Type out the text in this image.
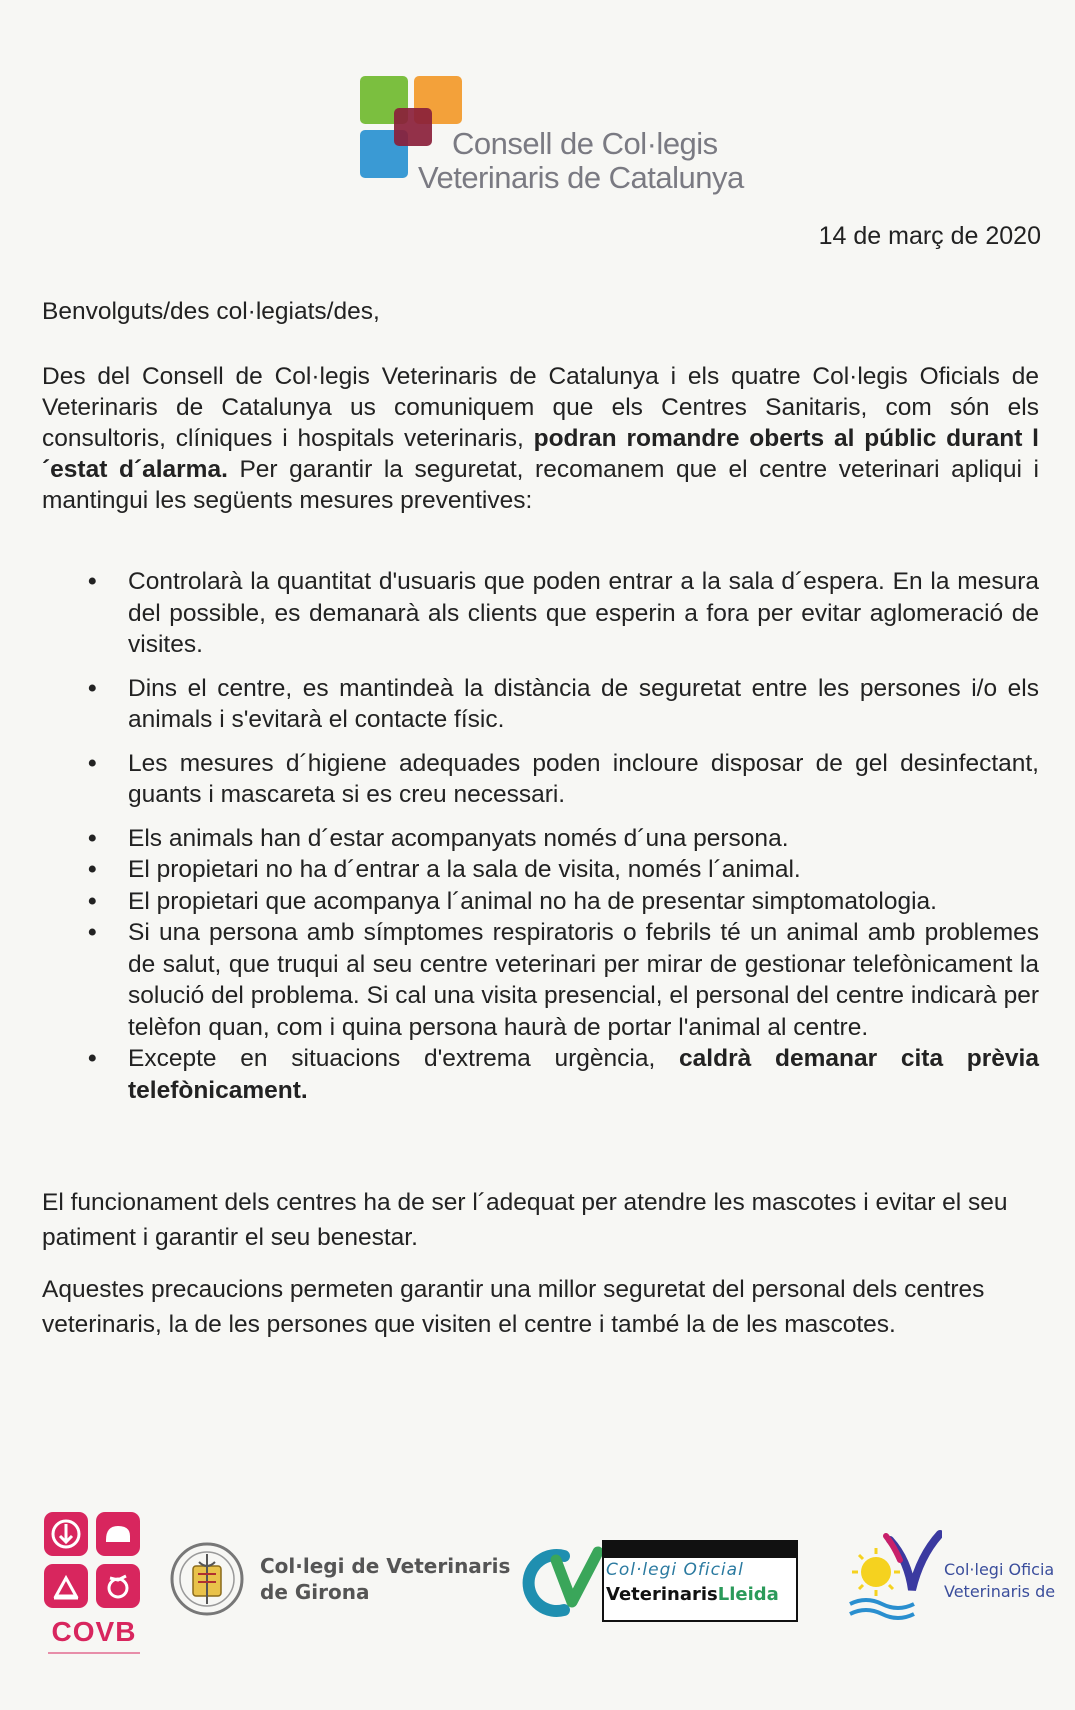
Consell de Col·legis
Veterinaris de Catalunya
14 de març de 2020
Benvolguts/des col·legiats/des,
Des del Consell de Col·legis Veterinaris de Catalunya i els quatre Col·legis Oficials de Veterinaris de Catalunya us comuniquem que els Centres Sanitaris, com són els consultoris, clíniques i hospitals veterinaris, podran romandre oberts al públic durant l´estat d´alarma. Per garantir la seguretat, recomanem que el centre veterinari apliqui i mantingui les següents mesures preventives:
• Controlarà la quantitat d'usuaris que poden entrar a la sala d´espera. En la mesura del possible, es demanarà als clients que esperin a fora per evitar aglomeració de visites.
• Dins el centre, es mantindeà la distància de seguretat entre les persones i/o els animals i s'evitarà el contacte físic.
• Les mesures d´higiene adequades poden incloure disposar de gel desinfectant, guants i mascareta si es creu necessari.
• Els animals han d´estar acompanyats només d´una persona.
• El propietari no ha d´entrar a la sala de visita, només l´animal.
• El propietari que acompanya l´animal no ha de presentar simptomatologia.
• Si una persona amb símptomes respiratoris o febrils té un animal amb problemes de salut, que truqui al seu centre veterinari per mirar de gestionar telefònicament la solució del problema. Si cal una visita presencial, el personal del centre indicarà per telèfon quan, com i quina persona haurà de portar l'animal al centre.
• Excepte en situacions d'extrema urgència, caldrà demanar cita prèvia telefònicament.
El funcionament dels centres ha de ser l´adequat per atendre les mascotes i evitar el seu patiment i garantir el seu benestar.
Aquestes precaucions permeten garantir una millor seguretat del personal dels centres veterinaris, la de les persones que visiten el centre i també la de les mascotes.
COVB
Col·legi de Veterinaris
de Girona
Col·legi Oficial
VeterinarisLleida
Col·legi Oficia
Veterinaris de
